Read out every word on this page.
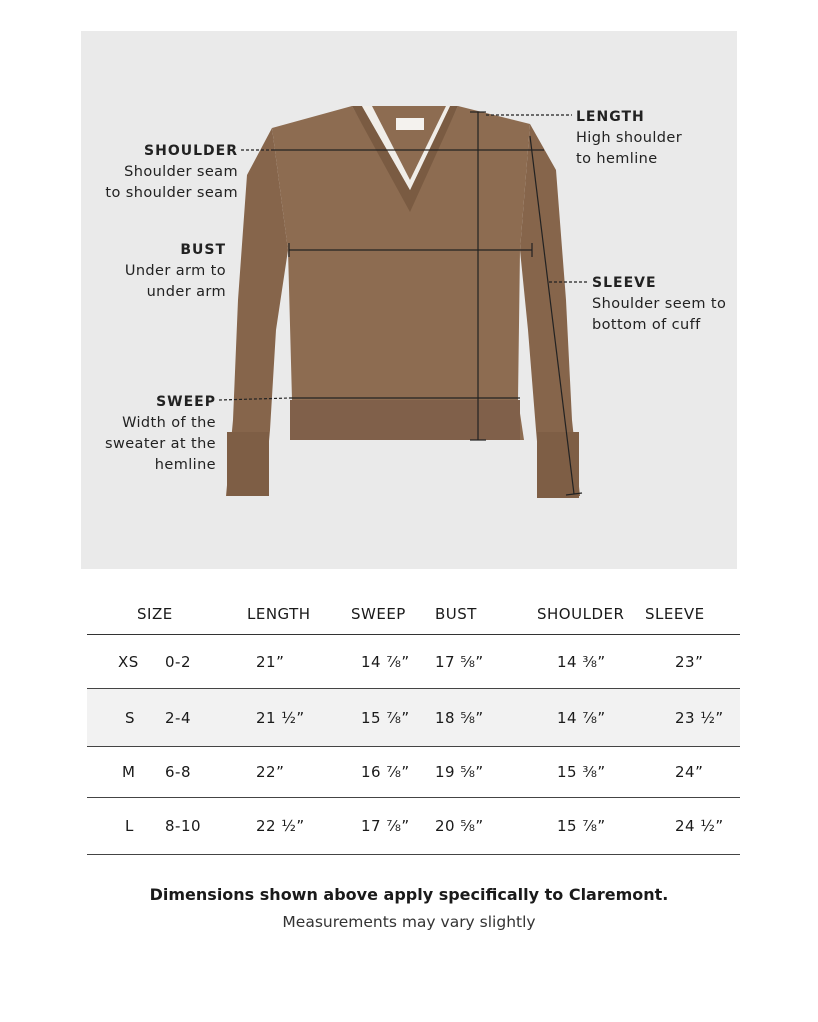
SHOULDER
Shoulder seam
to shoulder seam
BUST
Under arm to
under arm
SWEEP
Width of the
sweater at the
hemline
LENGTH
High shoulder
to hemline
SLEEVE
Shoulder seem to
bottom of cuff
SIZE		LENGTH	SWEEP	BUST	SHOULDER	SLEEVE
XS	0-2	21”	14 ⅞”	17 ⅝”	14 ⅜”	23”
S	2-4	21 ½”	15 ⅞”	18 ⅝”	14 ⅞”	23 ½”
M	6-8	22”	16 ⅞”	19 ⅝”	15 ⅜”	24”
L	8-10	22 ½”	17 ⅞”	20 ⅝”	15 ⅞”	24 ½”
Dimensions shown above apply specifically to Claremont.
Measurements may vary slightly
